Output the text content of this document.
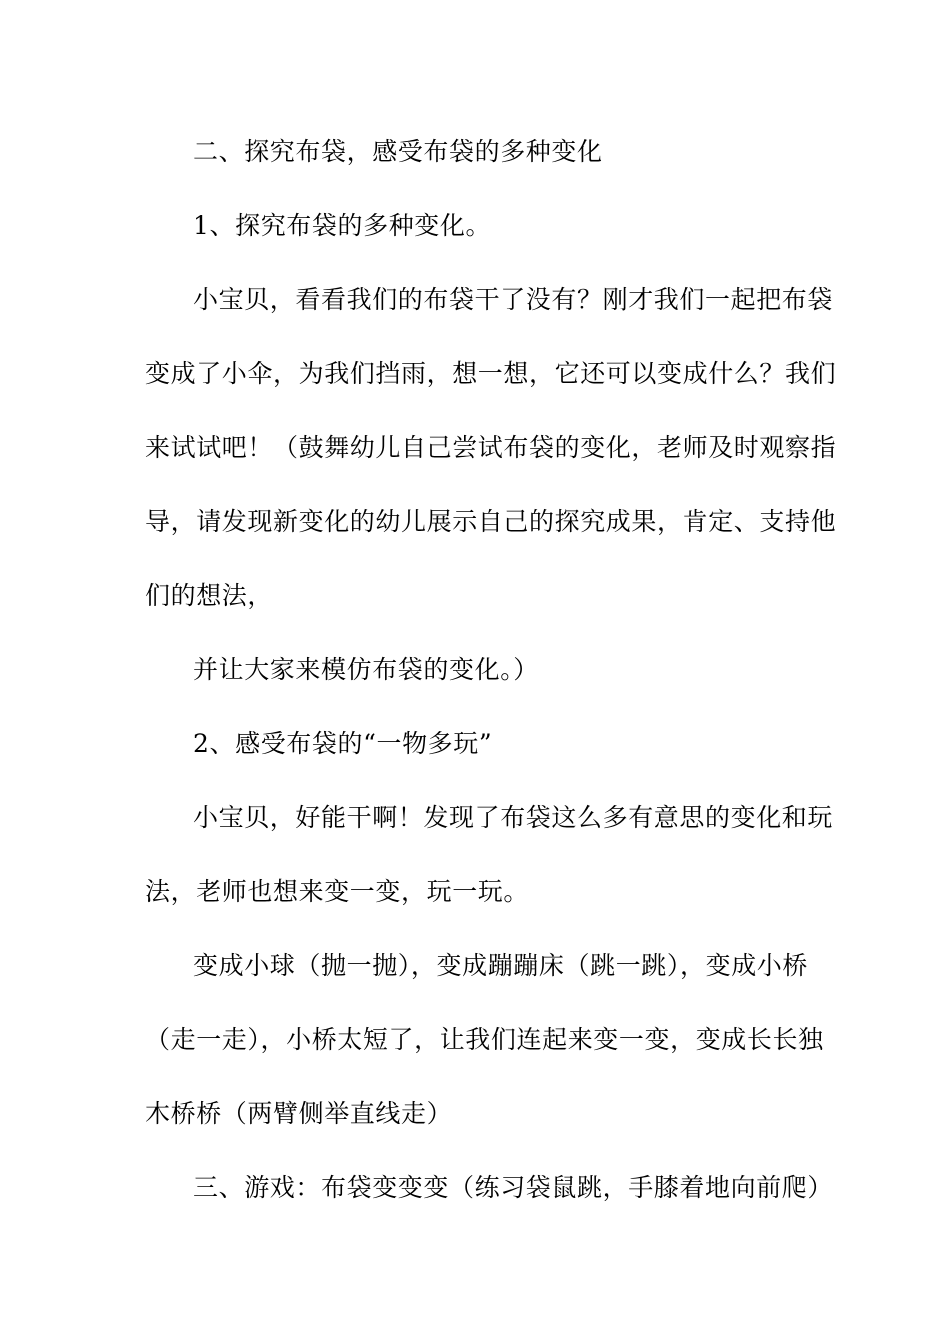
二、探究布袋，感受布袋的多种变化
1、探究布袋的多种变化。
小宝贝，看看我们的布袋干了没有？刚才我们一起把布袋
变成了小伞，为我们挡雨，想一想，它还可以变成什么？我们
来试试吧！（鼓舞幼儿自己尝试布袋的变化，老师及时观察指
导，请发现新变化的幼儿展示自己的探究成果，肯定、支持他
们的想法，
并让大家来模仿布袋的变化。）
2、感受布袋的“一物多玩”
小宝贝，好能干啊！发现了布袋这么多有意思的变化和玩
法，老师也想来变一变，玩一玩。
变成小球（抛一抛），变成蹦蹦床（跳一跳），变成小桥
（走一走），小桥太短了，让我们连起来变一变，变成长长独
木桥桥（两臂侧举直线走）
三、游戏：布袋变变变（练习袋鼠跳，手膝着地向前爬）
